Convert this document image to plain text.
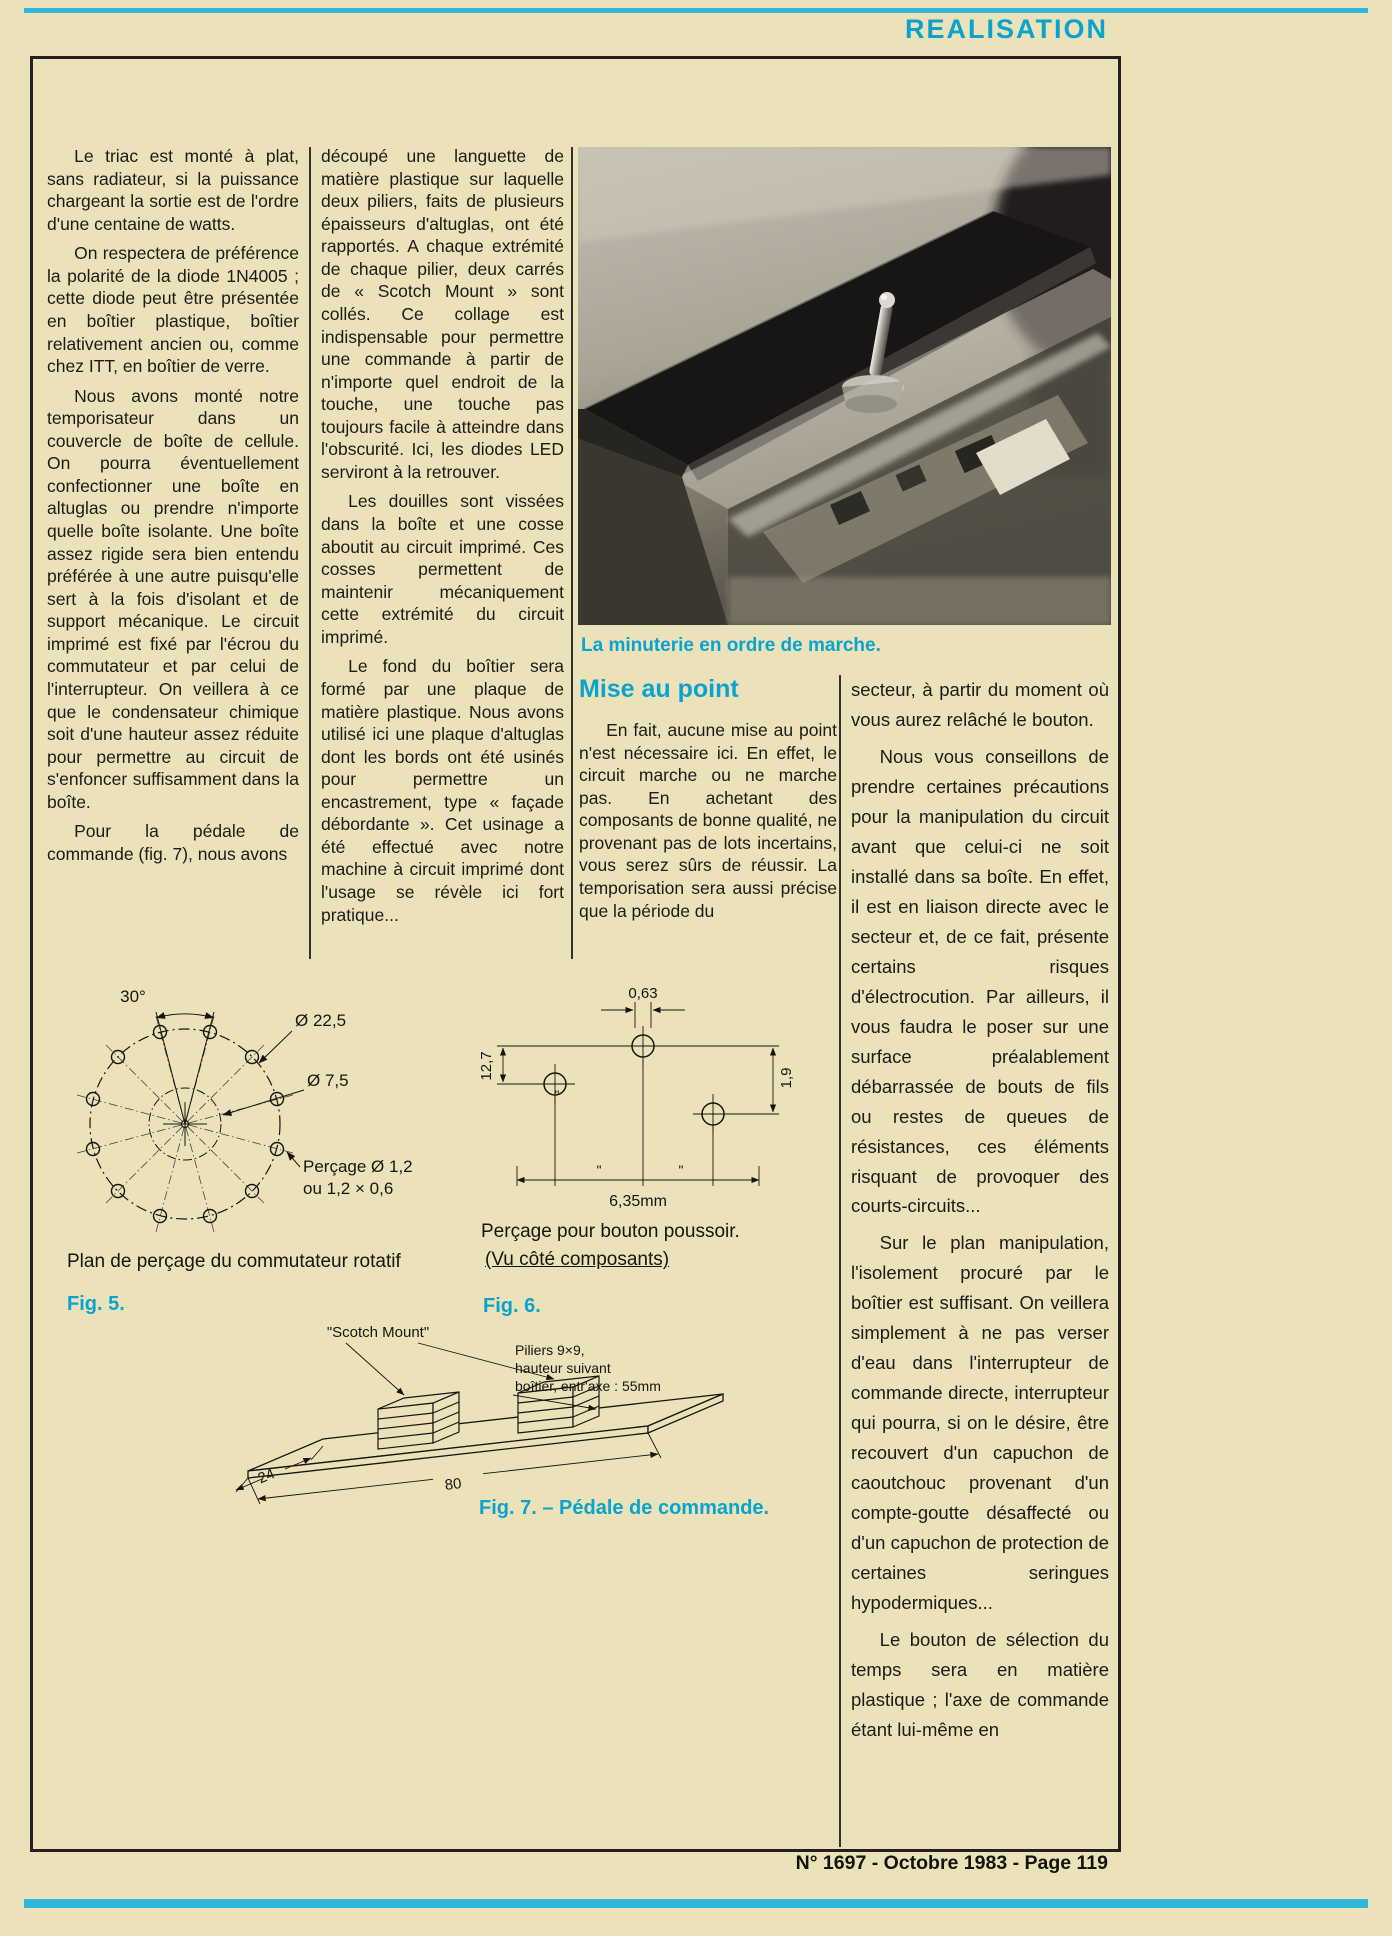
REALISATION

Le triac est monté à plat, sans radiateur, si la puissance chargeant la sortie est de l'ordre d'une centaine de watts.

On respectera de préférence la polarité de la diode 1N4005 ; cette diode peut être présentée en boîtier plastique, boîtier relativement ancien ou, comme chez ITT, en boîtier de verre.

Nous avons monté notre temporisateur dans un couvercle de boîte de cellule. On pourra éventuellement confectionner une boîte en altuglas ou prendre n'importe quelle boîte isolante. Une boîte assez rigide sera bien entendu préférée à une autre puisqu'elle sert à la fois d'isolant et de support mécanique. Le circuit imprimé est fixé par l'écrou du commutateur et par celui de l'interrupteur. On veillera à ce que le condensateur chimique soit d'une hauteur assez réduite pour permettre au circuit de s'enfoncer suffisamment dans la boîte.

Pour la pédale de commande (fig. 7), nous avons

découpé une languette de matière plastique sur laquelle deux piliers, faits de plusieurs épaisseurs d'altuglas, ont été rapportés. A chaque extrémité de chaque pilier, deux carrés de « Scotch Mount » sont collés. Ce collage est indispensable pour permettre une commande à partir de n'importe quel endroit de la touche, une touche pas toujours facile à atteindre dans l'obscurité. Ici, les diodes LED serviront à la retrouver.

Les douilles sont vissées dans la boîte et une cosse aboutit au circuit imprimé. Ces cosses permettent de maintenir mécaniquement cette extrémité du circuit imprimé.

Le fond du boîtier sera formé par une plaque de matière plastique. Nous avons utilisé ici une plaque d'altuglas dont les bords ont été usinés pour permettre un encastrement, type « façade débordante ». Cet usinage a été effectué avec notre machine à circuit imprimé dont l'usage se révèle ici fort pratique...

La minuterie en ordre de marche.
Mise au point

En fait, aucune mise au point n'est nécessaire ici. En effet, le circuit marche ou ne marche pas. En achetant des composants de bonne qualité, ne provenant pas de lots incertains, vous serez sûrs de réussir. La temporisation sera aussi précise que la période du

secteur, à partir du moment où vous aurez relâché le bouton.

Nous vous conseillons de prendre certaines précautions pour la manipulation du circuit avant que celui-ci ne soit installé dans sa boîte. En effet, il est en liaison directe avec le secteur et, de ce fait, présente certains risques d'électrocution. Par ailleurs, il vous faudra le poser sur une surface préalablement débarrassée de bouts de fils ou restes de queues de résistances, ces éléments risquant de provoquer des courts-circuits...

Sur le plan manipulation, l'isolement procuré par le boîtier est suffisant. On veillera simplement à ne pas verser d'eau dans l'interrupteur de commande directe, interrupteur qui pourra, si on le désire, être recouvert d'un capuchon de caoutchouc provenant d'un compte-goutte désaffecté ou d'un capuchon de protection de certaines seringues hypodermiques...

Le bouton de sélection du temps sera en matière plastique ; l'axe de commande étant lui-même en

30°
Ø 22,5
Ø 7,5
Perçage Ø 1,2
ou 1,2 × 0,6
Plan de perçage du commutateur rotatif
Fig. 5.
0,63
12,7	1,9
6,35mm
"
"	"
Perçage pour bouton poussoir.
(Vu côté composants)
Fig. 6.
"Scotch Mount"
Piliers 9×9,
hauteur suivant
boîtier, entr'axe : 55mm
80
24
Fig. 7. – Pédale de commande.
N° 1697 - Octobre 1983 - Page 119
